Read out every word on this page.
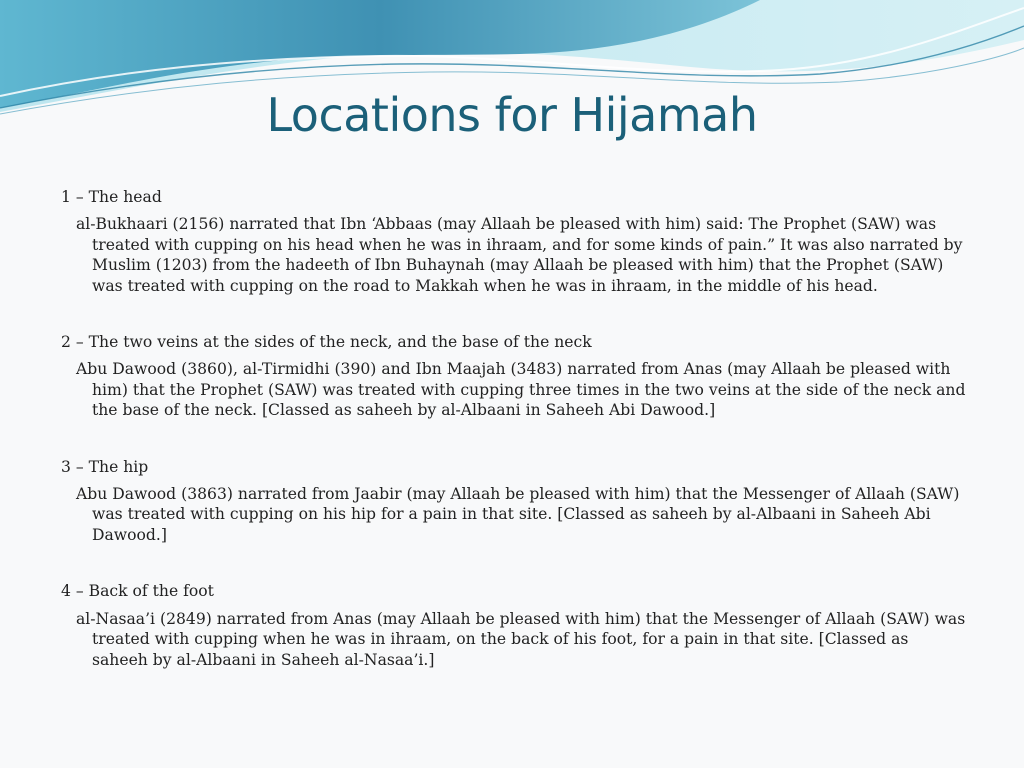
Locations for Hijamah
1 – The head
al-Bukhaari (2156) narrated that Ibn ‘Abbaas (may Allaah be pleased with him) said: The Prophet (SAW) was treated with cupping on his head when he was in ihraam, and for some kinds of pain.” It was also narrated by Muslim (1203) from the hadeeth of Ibn Buhaynah (may Allaah be pleased with him) that the Prophet (SAW) was treated with cupping on the road to Makkah when he was in ihraam, in the middle of his head.
2 – The two veins at the sides of the neck, and the base of the neck
Abu Dawood (3860), al-Tirmidhi (390) and Ibn Maajah (3483) narrated from Anas (may Allaah be pleased with him) that the Prophet (SAW) was treated with cupping three times in the two veins at the side of the neck and the base of the neck. [Classed as saheeh by al-Albaani in Saheeh Abi Dawood.]
3 – The hip
Abu Dawood (3863) narrated from Jaabir (may Allaah be pleased with him) that the Messenger of Allaah (SAW) was treated with cupping on his hip for a pain in that site. [Classed as saheeh by al-Albaani in Saheeh Abi Dawood.]
4 – Back of the foot
al-Nasaa’i (2849) narrated from Anas (may Allaah be pleased with him) that the Messenger of Allaah (SAW) was treated with cupping when he was in ihraam, on the back of his foot, for a pain in that site. [Classed as saheeh by al-Albaani in Saheeh al-Nasaa’i.]
